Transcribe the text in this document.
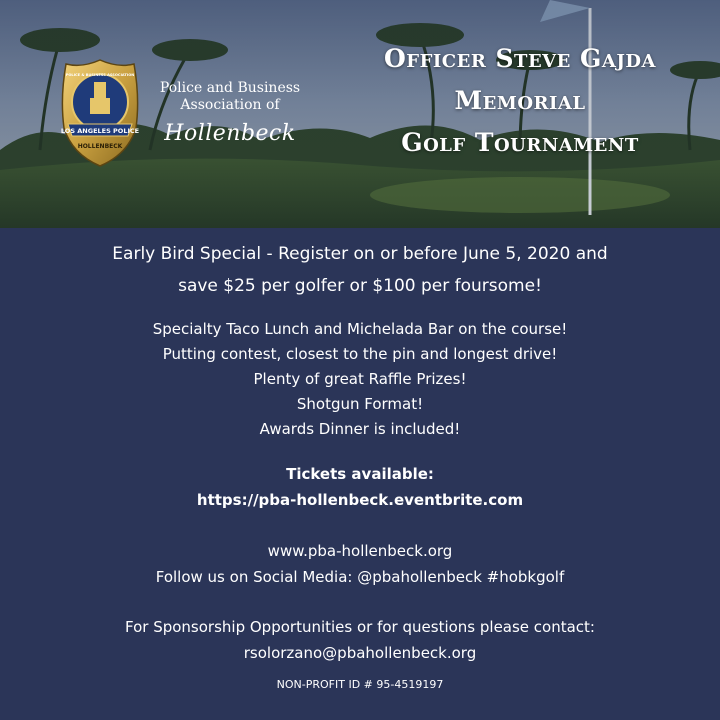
LOS ANGELES POLICE
HOLLENBECK
POLICE & BUSINESS ASSOCIATION
Police and Business
Association of
Hollenbeck
Officer Steve Gajda
Memorial
Golf Tournament
Early Bird Special - Register on or before June 5, 2020 and
save $25 per golfer or $100 per foursome!
Specialty Taco Lunch and Michelada Bar on the course!
Putting contest, closest to the pin and longest drive!
Plenty of great Raffle Prizes!
Shotgun Format!
Awards Dinner is included!
Tickets available:
https://pba-hollenbeck.eventbrite.com
www.pba-hollenbeck.org
Follow us on Social Media: @pbahollenbeck #hobkgolf
For Sponsorship Opportunities or for questions please contact:
rsolorzano@pbahollenbeck.org
NON-PROFIT ID # 95-4519197
